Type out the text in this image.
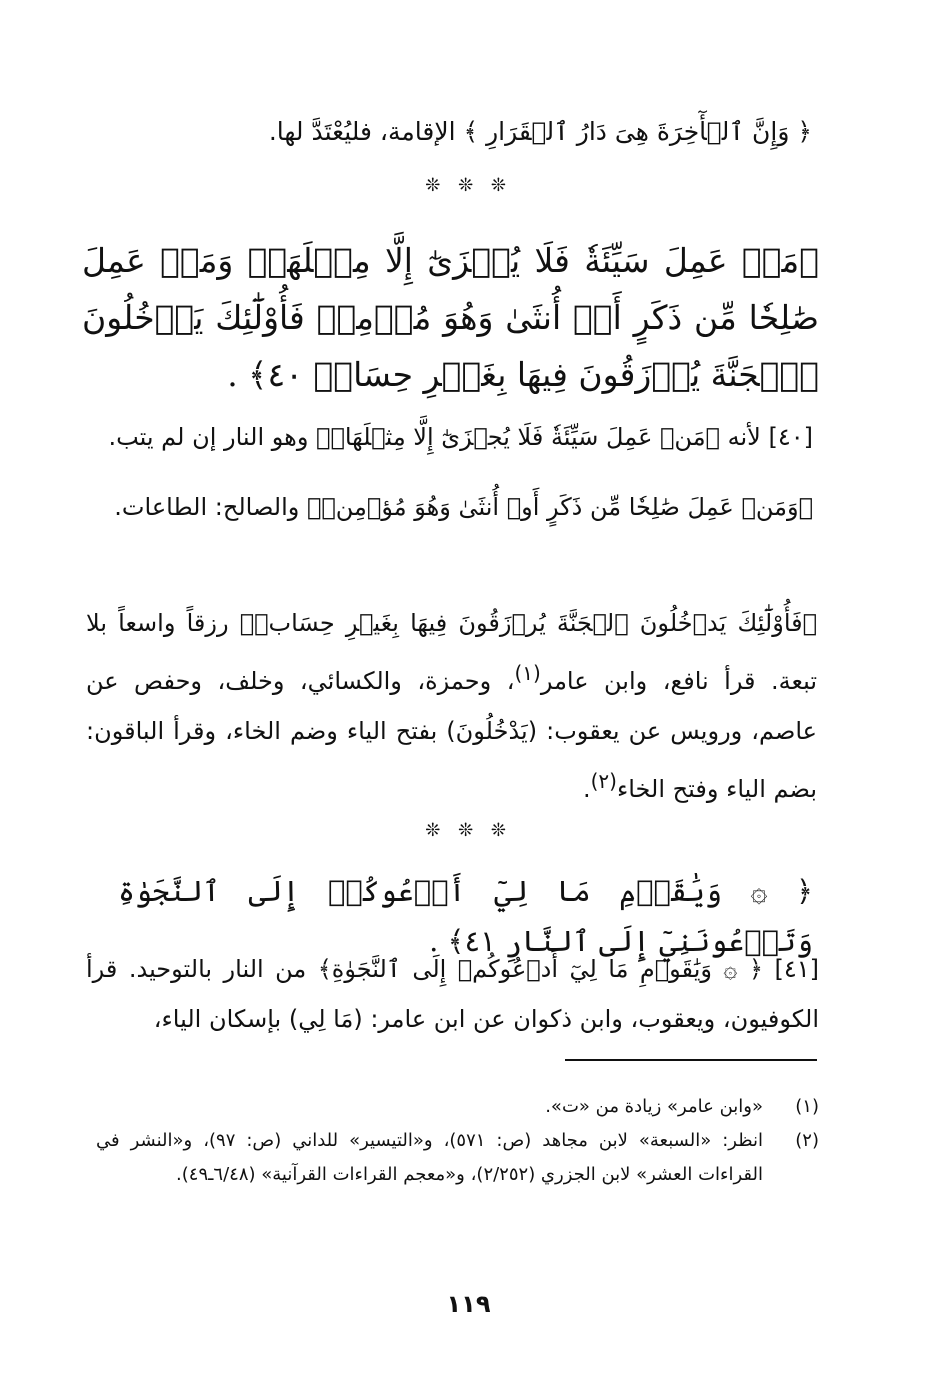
﴿ وَإِنَّ ٱلۡأٓخِرَةَ هِىَ دَارُ ٱلۡقَرَارِ ﴾ الإقامة، فليُعْتَدَّ لها.

❊ ❊ ❊

﴿مَنۡ عَمِلَ سَيِّئَةٗ فَلَا يُجۡزَىٰٓ إِلَّا مِثۡلَهَاۖ وَمَنۡ عَمِلَ صَٰلِحٗا مِّن ذَكَرٍ أَوۡ أُنثَىٰ وَهُوَ مُؤۡمِنٞ فَأُوْلَٰٓئِكَ يَدۡخُلُونَ ٱلۡجَنَّةَ يُرۡزَقُونَ فِيهَا بِغَيۡرِ حِسَابٖ ٤٠﴾ .

[٤٠] لأنه ﴿مَنۡ عَمِلَ سَيِّئَةٗ فَلَا يُجۡزَىٰٓ إِلَّا مِثۡلَهَاۖ﴾ وهو النار إن لم يتب.

﴿وَمَنۡ عَمِلَ صَٰلِحٗا مِّن ذَكَرٍ أَوۡ أُنثَىٰ وَهُوَ مُؤۡمِنٞ﴾ والصالح: الطاعات.

﴿فَأُوْلَٰٓئِكَ يَدۡخُلُونَ ٱلۡجَنَّةَ يُرۡزَقُونَ فِيهَا بِغَيۡرِ حِسَابٖ﴾ رزقاً واسعاً بلا تبعة. قرأ نافع، وابن عامر$^{(١)}$، وحمزة، والكسائي، وخلف، وحفص عن عاصم، ورويس عن يعقوب: (يَدْخُلُونَ) بفتح الياء وضم الخاء، وقرأ الباقون: بضم الياء وفتح الخاء$^{(٢)}$.

❊ ❊ ❊

﴿ ۞ وَيَٰقَوۡمِ مَا لِيٓ أَدۡعُوكُمۡ إِلَى ٱلنَّجَوٰةِ وَتَدۡعُونَنِيٓ إِلَى ٱلنَّارِ ٤١﴾ .

[٤١] ﴿ ۞ وَيَٰقَوۡمِ مَا لِيٓ أَدۡعُوكُمۡ إِلَى ٱلنَّجَوٰةِ﴾ من النار بالتوحيد. قرأ الكوفيون، ويعقوب، وابن ذكوان عن ابن عامر: (مَا لِي) بإسكان الياء،

(١)
«وابن عامر» زيادة من «ت».
(٢)
انظر: «السبعة» لابن مجاهد (ص: ٥٧١)، و«التيسير» للداني (ص: ٩٧)، و«النشر في القراءات العشر» لابن الجزري (٢/٢٥٢)، و«معجم القراءات القرآنية» (٦/٤٨ـ٤٩).
١١٩
